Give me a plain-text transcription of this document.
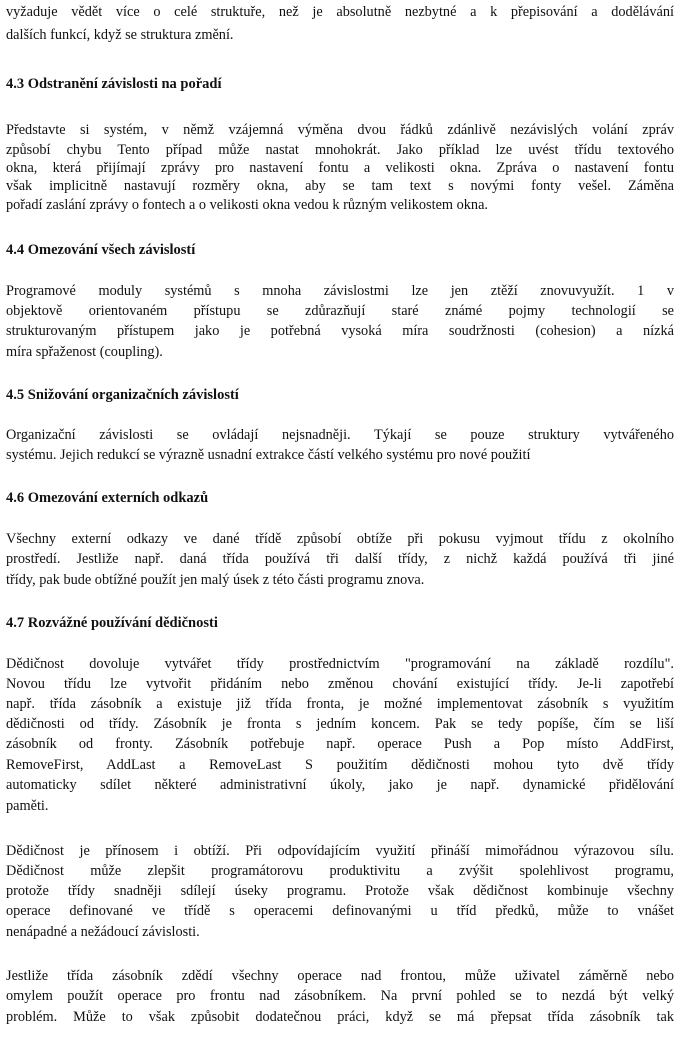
vyžaduje vědět více o celé struktuře, než je absolutně nezbytné a k přepisování a dodělávání

dalších funkcí, když se struktura změní.

4.3 Odstranění závislosti na pořadí

Představte si systém, v němž vzájemná výměna dvou řádků zdánlivě nezávislých volání zpráv

způsobí chybu Tento případ může nastat mnohokrát. Jako příklad lze uvést třídu textového

okna, která přijímají zprávy pro nastavení fontu a velikosti okna. Zpráva o nastavení fontu

však implicitně nastavují rozměry okna, aby se tam text s novými fonty vešel. Záměna

pořadí zaslání zprávy o fontech a o velikosti okna vedou k různým velikostem okna.

4.4 Omezování všech závislostí

Programové moduly systémů s mnoha závislostmi lze jen ztěží znovuvyužít. 1 v

objektově orientovaném přístupu se zdůrazňují staré známé pojmy technologií se

strukturovaným přístupem jako je potřebná vysoká míra soudržnosti (cohesion) a nízká

míra spřaženost (coupling).

4.5 Snižování organizačních závislostí

Organizační závislosti se ovládají nejsnadněji. Týkají se pouze struktury vytvářeného

systému. Jejich redukcí se výrazně usnadní extrakce částí velkého systému pro nové použití

4.6 Omezování externích odkazů

Všechny externí odkazy ve dané třídě způsobí obtíže při pokusu vyjmout třídu z okolního

prostředí. Jestliže např. daná třída používá tři další třídy, z nichž každá používá tři jiné

třídy, pak bude obtížné použít jen malý úsek z této části programu znova.

4.7 Rozvážné používání dědičnosti

Dědičnost dovoluje vytvářet třídy prostřednictvím "programování na základě rozdílu".

Novou třídu lze vytvořit přidáním nebo změnou chování existující třídy. Je-li zapotřebí

např. třída zásobník a existuje již třída fronta, je možné implementovat zásobník s využitím

dědičnosti od třídy. Zásobník je fronta s jedním koncem. Pak se tedy popíše, čím se liší

zásobník od fronty. Zásobník potřebuje např. operace Push a Pop místo AddFirst,

RemoveFirst, AddLast a RemoveLast S použitím dědičnosti mohou tyto dvě třídy

automaticky sdílet některé administrativní úkoly, jako je např. dynamické přidělování

paměti.

Dědičnost je přínosem i obtíží. Při odpovídajícím využití přináší mimořádnou výrazovou sílu.

Dědičnost může zlepšit programátorovu produktivitu a zvýšit spolehlivost programu,

protože třídy snadněji sdílejí úseky programu. Protože však dědičnost kombinuje všechny

operace definované ve třídě s operacemi definovanými u tříd předků, může to vnášet

nenápadné a nežádoucí závislosti.

Jestliže třída zásobník zdědí všechny operace nad frontou, může uživatel záměrně nebo

omylem použít operace pro frontu nad zásobníkem. Na první pohled se to nezdá být velký

problém. Může to však způsobit dodatečnou práci, když se má přepsat třída zásobník tak
